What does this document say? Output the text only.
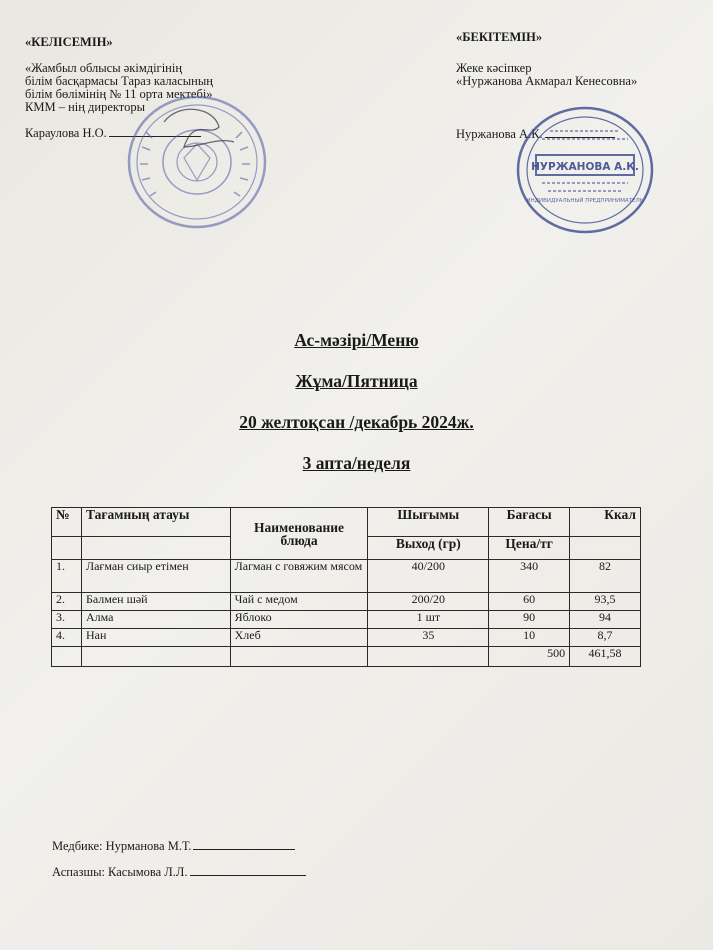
«КЕЛІСЕМІН»
«Жамбыл облысы әкімдігінің
білім басқармасы Тараз каласының
білім бөлімінің № 11 орта мектебі»
КММ – нің директоры
Караулова Н.О.
«БЕКІТЕМІН»
Жеке кәсіпкер
«Нуржанова Акмарал Кенесовна»
Нуржанова А.К.
НУРЖАНОВА А.К.
ИНДИВИДУАЛЬНЫЙ ПРЕДПРИНИМАТЕЛЬ
Ас-мәзірі/Меню
Жұма/Пятница
20 желтоқсан /декабрь 2024ж.
3 апта/неделя
№	Тағамның атауы	Наименование блюда	Шығымы	Бағасы	Ккал
			Выход (гр)	Цена/тг	
1.	Лағман сиыр етімен	Лагман с говяжим мясом	40/200	340	82
2.	Балмен шәй	Чай с медом	200/20	60	93,5
3.	Алма	Яблоко	1 шт	90	94
4.	Нан	Хлеб	35	10	8,7
				500	461,58
Медбике: Нурманова М.Т.
Аспазшы: Касымова Л.Л.
